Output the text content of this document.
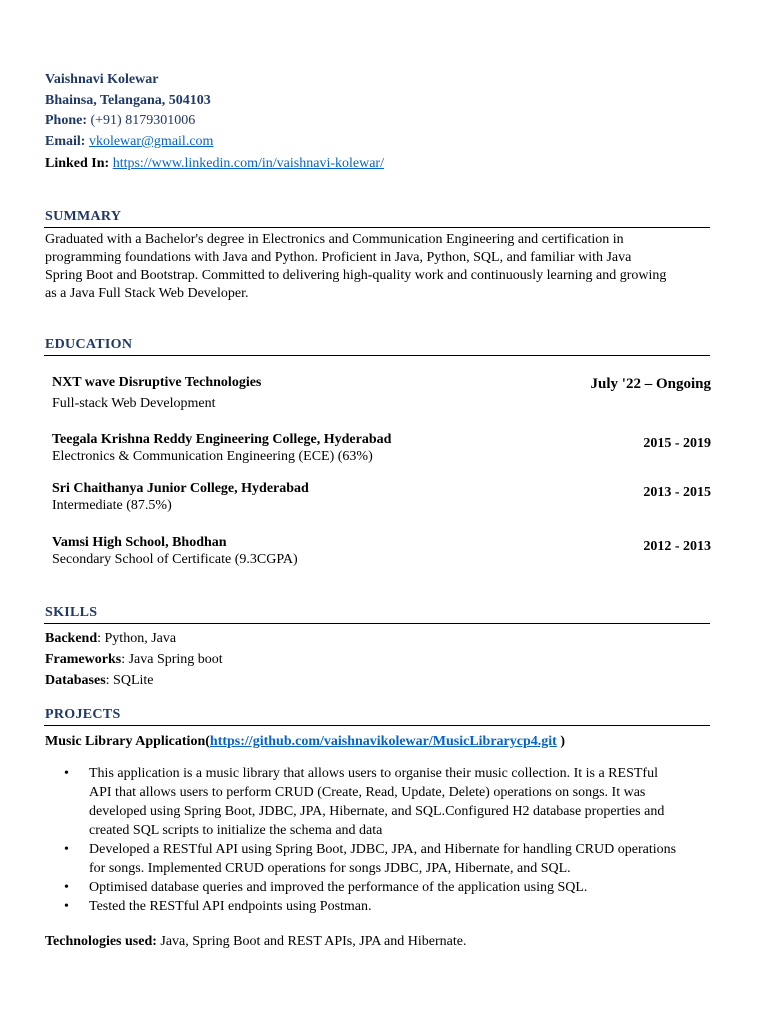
Vaishnavi Kolewar
Bhainsa, Telangana, 504103
Phone: (+91) 8179301006
Email: vkolewar@gmail.com
Linked In: https://www.linkedin.com/in/vaishnavi-kolewar/
SUMMARY
Graduated with a Bachelor's degree in Electronics and Communication Engineering and certification in
programming foundations with Java and Python. Proficient in Java, Python, SQL, and familiar with Java
Spring Boot and Bootstrap. Committed to delivering high-quality work and continuously learning and growing
as a Java Full Stack Web Developer.
EDUCATION
NXT wave Disruptive Technologies
Full-stack Web Development
July '22 – Ongoing
Teegala Krishna Reddy Engineering College, Hyderabad
Electronics & Communication Engineering (ECE) (63%)
2015 - 2019
Sri Chaithanya Junior College, Hyderabad
Intermediate (87.5%)
2013 - 2015
Vamsi High School, Bhodhan
Secondary School of Certificate (9.3CGPA)
2012 - 2013
SKILLS
Backend: Python, Java
Frameworks: Java Spring boot
Databases: SQLite
PROJECTS
Music Library Application(https://github.com/vaishnavikolewar/MusicLibrarycp4.git )
• This application is a music library that allows users to organise their music collection. It is a RESTful
API that allows users to perform CRUD (Create, Read, Update, Delete) operations on songs. It was
developed using Spring Boot, JDBC, JPA, Hibernate, and SQL.Configured H2 database properties and
created SQL scripts to initialize the schema and data
• Developed a RESTful API using Spring Boot, JDBC, JPA, and Hibernate for handling CRUD operations
for songs. Implemented CRUD operations for songs JDBC, JPA, Hibernate, and SQL.
• Optimised database queries and improved the performance of the application using SQL.
• Tested the RESTful API endpoints using Postman.
Technologies used: Java, Spring Boot and REST APIs, JPA and Hibernate.
